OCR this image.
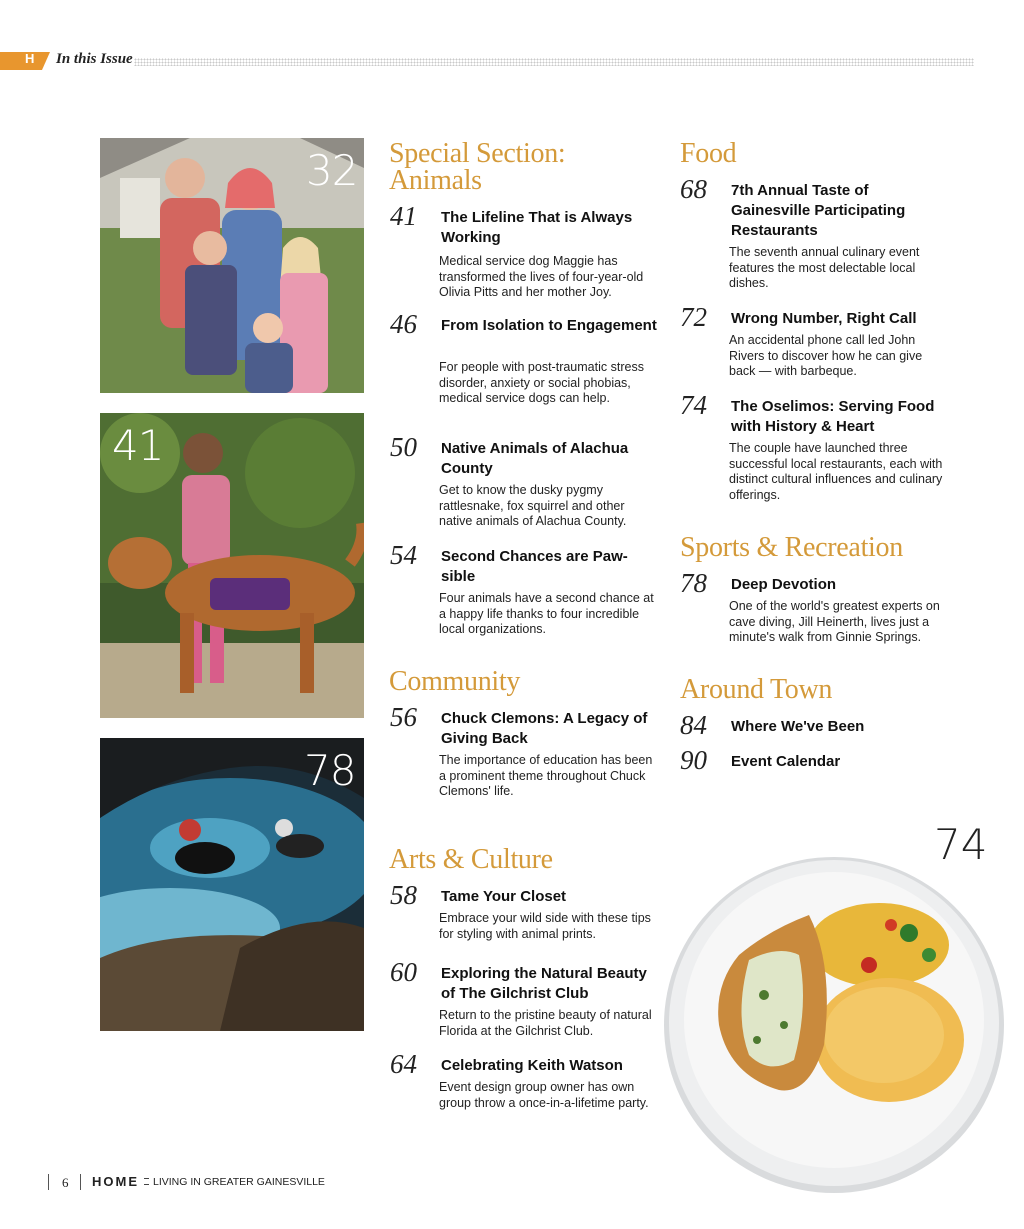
H In this Issue
32
41
78
Special Section:
Animals
41 The Lifeline That is Always Working
Medical service dog Maggie has transformed the lives of four-year-old Olivia Pitts and her mother Joy.
46 From Isolation to Engagement
For people with post-traumatic stress disorder, anxiety or social phobias, medical service dogs can help.
50 Native Animals of Alachua County
Get to know the dusky pygmy rattlesnake, fox squirrel and other native animals of Alachua County.
54 Second Chances are Paw-sible
Four animals have a second chance at a happy life thanks to four incredible local organizations.
Community
56 Chuck Clemons: A Legacy of Giving Back
The importance of education has been a prominent theme throughout Chuck Clemons' life.
Arts & Culture
58 Tame Your Closet
Embrace your wild side with these tips for styling with animal prints.
60 Exploring the Natural Beauty of The Gilchrist Club
Return to the pristine beauty of natural Florida at the Gilchrist Club.
64 Celebrating Keith Watson
Event design group owner has own group throw a once-in-a-lifetime party.
Food
68 7th Annual Taste of Gainesville Participating Restaurants
The seventh annual culinary event features the most delectable local dishes.
72 Wrong Number, Right Call
An accidental phone call led John Rivers to discover how he can give back — with barbeque.
74 The Oselimos: Serving Food with History & Heart
The couple have launched three successful local restaurants, each with distinct cultural influences and culinary offerings.
Sports & Recreation
78 Deep Devotion
One of the world's greatest experts on cave diving, Jill Heinerth, lives just a minute's walk from Ginnie Springs.
Around Town
84 Where We've Been
90 Event Calendar
74
6 HOME LIVING IN GREATER GAINESVILLE
